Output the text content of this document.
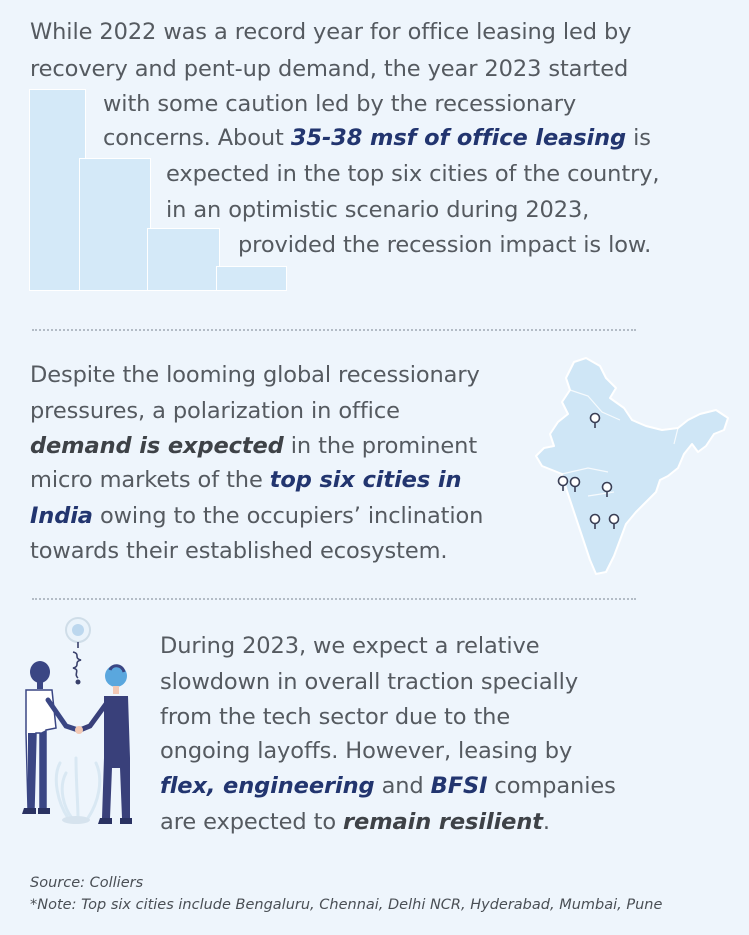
While 2022 was a record year for office leasing led by
recovery and pent-up demand, the year 2023 started
with some caution led by the recessionary
concerns. About 35-38 msf of office leasing is
expected in the top six cities of the country,
in an optimistic scenario during 2023,
provided the recession impact is low.
Despite the looming global recessionary
pressures, a polarization in office
demand is expected in the prominent
micro markets of the top six cities in
India owing to the occupiers’ inclination
towards their established ecosystem.
During 2023, we expect a relative
slowdown in overall traction specially
from the tech sector due to the
ongoing layoffs. However, leasing by
flex, engineering and BFSI companies
are expected to remain resilient.
Source: Colliers
*Note: Top six cities include Bengaluru, Chennai, Delhi NCR, Hyderabad, Mumbai, Pune
